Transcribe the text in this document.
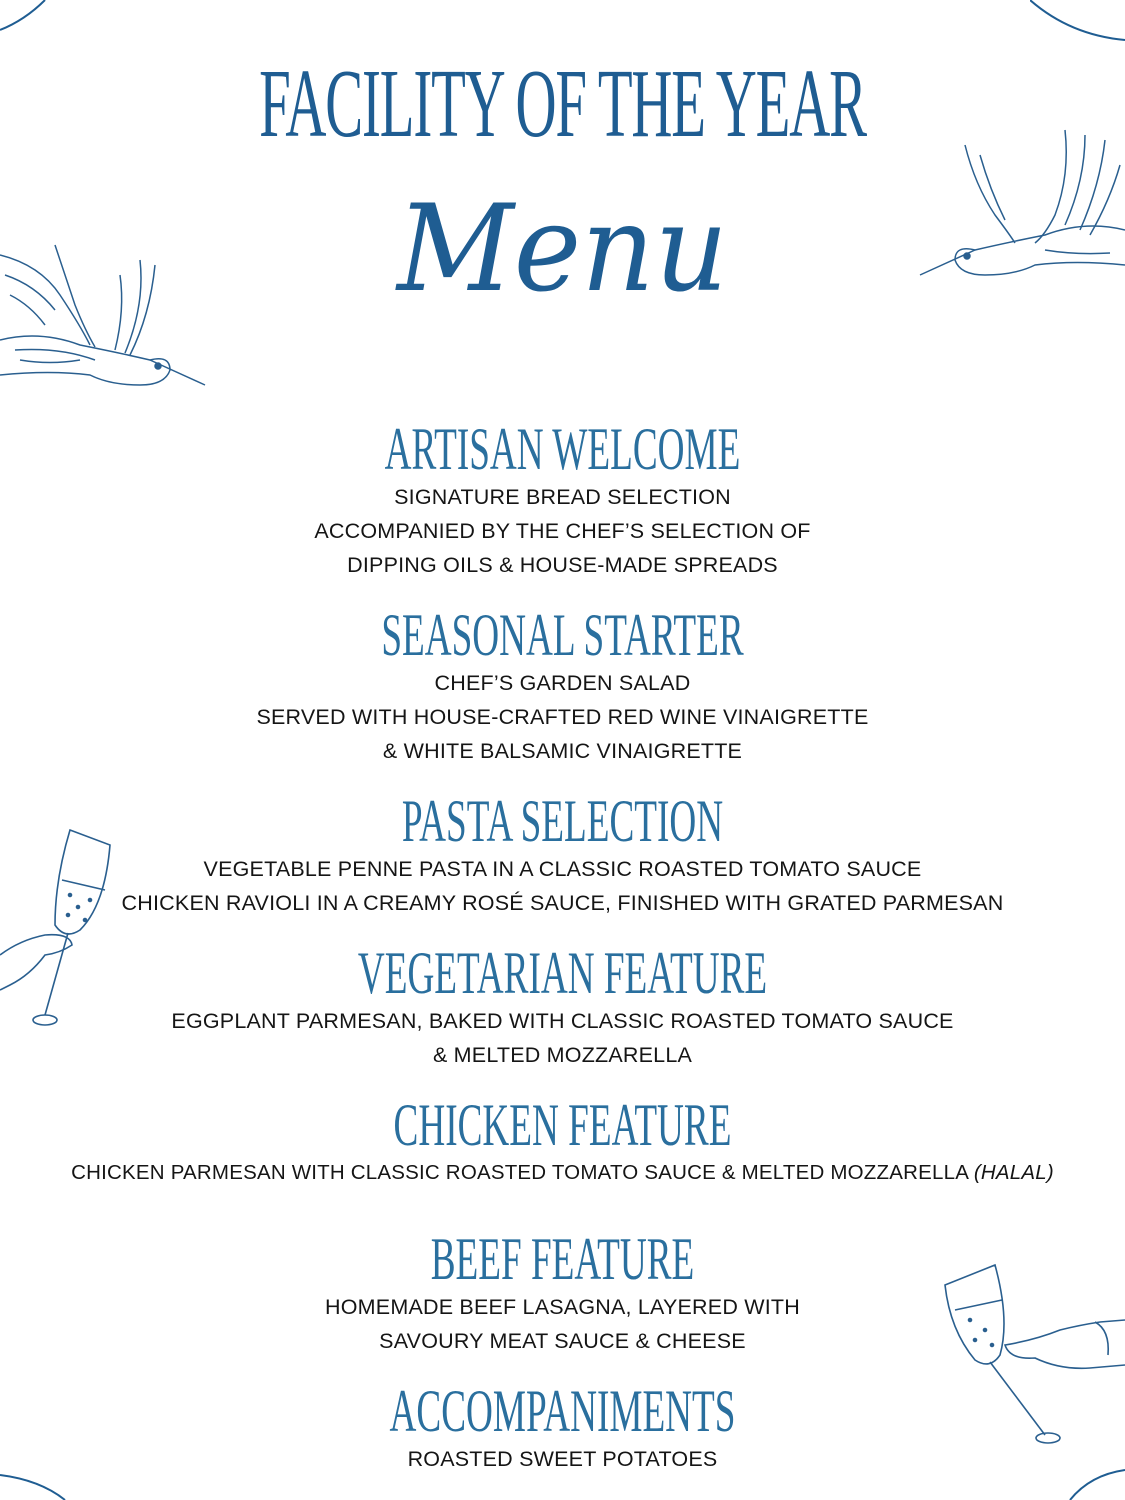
FACILITY OF THE YEAR
Menu
ARTISAN WELCOME
SIGNATURE BREAD SELECTION
ACCOMPANIED BY THE CHEF’S SELECTION OF
DIPPING OILS & HOUSE-MADE SPREADS
SEASONAL STARTER
CHEF’S GARDEN SALAD
SERVED WITH HOUSE-CRAFTED RED WINE VINAIGRETTE
& WHITE BALSAMIC VINAIGRETTE
PASTA SELECTION
VEGETABLE PENNE PASTA IN A CLASSIC ROASTED TOMATO SAUCE
CHICKEN RAVIOLI IN A CREAMY ROSÉ SAUCE, FINISHED WITH GRATED PARMESAN
VEGETARIAN FEATURE
EGGPLANT PARMESAN, BAKED WITH CLASSIC ROASTED TOMATO SAUCE
& MELTED MOZZARELLA
CHICKEN FEATURE
CHICKEN PARMESAN WITH CLASSIC ROASTED TOMATO SAUCE & MELTED MOZZARELLA (HALAL)
BEEF FEATURE
HOMEMADE BEEF LASAGNA, LAYERED WITH
SAVOURY MEAT SAUCE & CHEESE
ACCOMPANIMENTS
ROASTED SWEET POTATOES
